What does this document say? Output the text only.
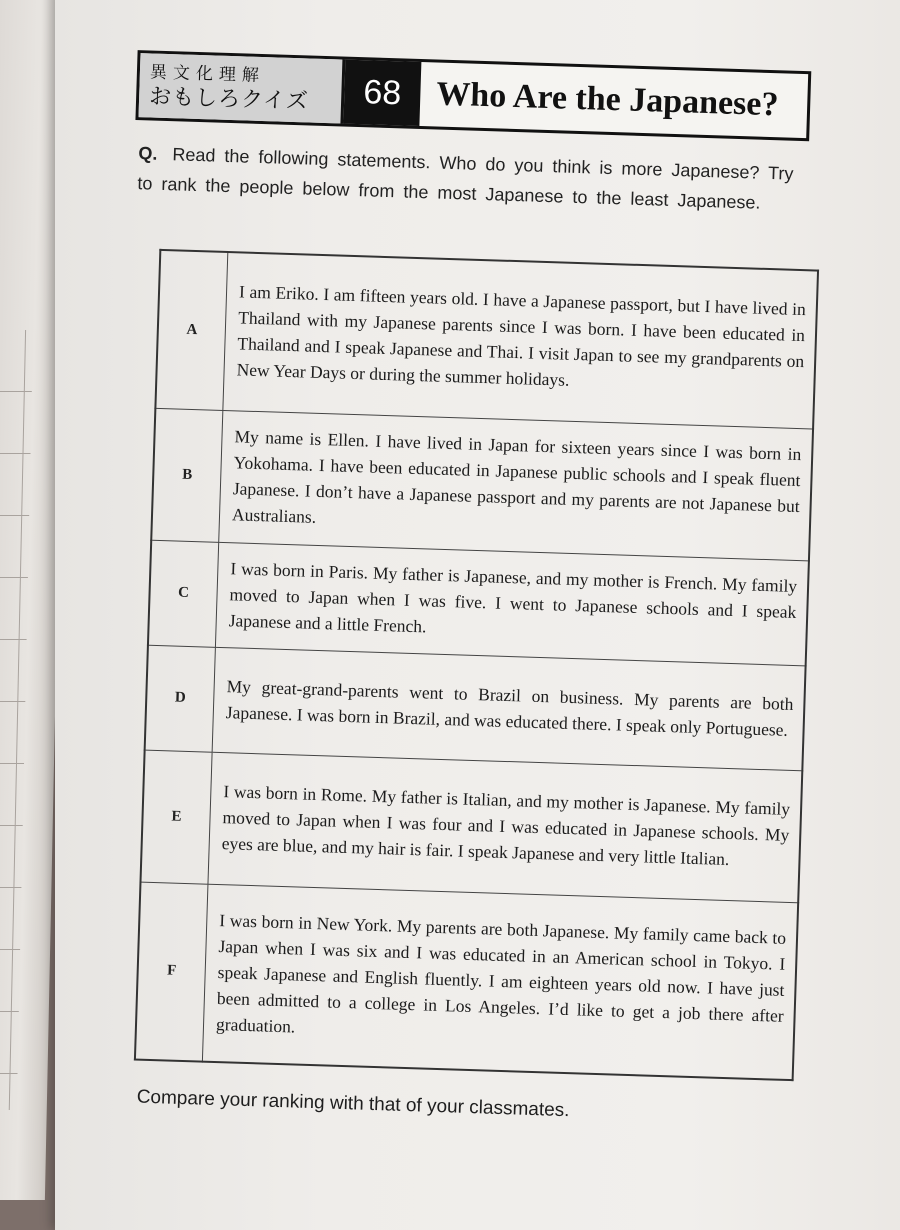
異文化理解
おもしろクイズ	68 Who Are the Japanese?
Q. Read the following statements. Who do you think is more Japanese? Try to rank the people below from the most Japanese to the least Japanese.
A	I am Eriko. I am fifteen years old. I have a Japanese passport, but I have lived in Thailand with my Japanese parents since I was born. I have been educated in Thailand and I speak Japanese and Thai. I visit Japan to see my grandparents on New Year Days or during the summer holidays.
B	My name is Ellen. I have lived in Japan for sixteen years since I was born in Yokohama. I have been educated in Japanese public schools and I speak fluent Japanese. I don’t have a Japanese passport and my parents are not Japanese but Australians.
C	I was born in Paris. My father is Japanese, and my mother is French. My family moved to Japan when I was five. I went to Japanese schools and I speak Japanese and a little French.
D	My great-grand-parents went to Brazil on business. My parents are both Japanese. I was born in Brazil, and was educated there. I speak only Portuguese.
E	I was born in Rome. My father is Italian, and my mother is Japanese. My family moved to Japan when I was four and I was educated in Japanese schools. My eyes are blue, and my hair is fair. I speak Japanese and very little Italian.
F	I was born in New York. My parents are both Japanese. My family came back to Japan when I was six and I was educated in an American school in Tokyo. I speak Japanese and English fluently. I am eighteen years old now. I have just been admitted to a college in Los Angeles. I’d like to get a job there after graduation.
Compare your ranking with that of your classmates.
